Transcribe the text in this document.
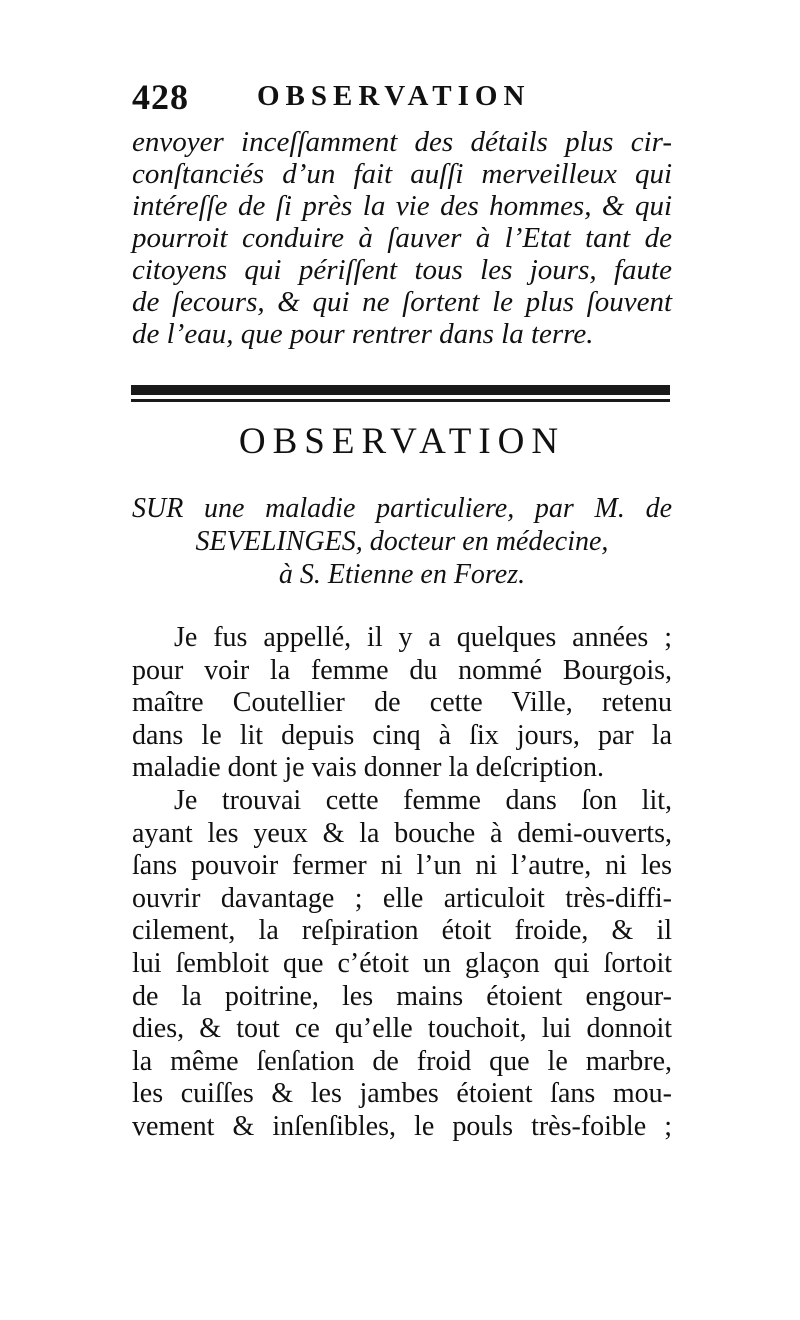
428 OBSERVATION
envoyer inceſſamment des détails plus cir-
conſtanciés d’un fait auſſi merveilleux qui
intéreſſe de ſi près la vie des hommes, & qui
pourroit conduire à ſauver à l’Etat tant de
citoyens qui périſſent tous les jours, faute
de ſecours, & qui ne ſortent le plus ſouvent
de l’eau, que pour rentrer dans la terre.
OBSERVATION
SUR une maladie particuliere, par M. de
SEVELINGES, docteur en médecine,
à S. Etienne en Forez.
Je fus appellé, il y a quelques années ;
pour voir la femme du nommé Bourgois,
maître Coutellier de cette Ville, retenu
dans le lit depuis cinq à ſix jours, par la
maladie dont je vais donner la deſcription.
Je trouvai cette femme dans ſon lit,
ayant les yeux & la bouche à demi-ouverts,
ſans pouvoir fermer ni l’un ni l’autre, ni les
ouvrir davantage ; elle articuloit très-diffi-
cilement, la reſpiration étoit froide, & il
lui ſembloit que c’étoit un glaçon qui ſortoit
de la poitrine, les mains étoient engour-
dies, & tout ce qu’elle touchoit, lui donnoit
la même ſenſation de froid que le marbre,
les cuiſſes & les jambes étoient ſans mou-
vement & inſenſibles, le pouls très-foible ;
